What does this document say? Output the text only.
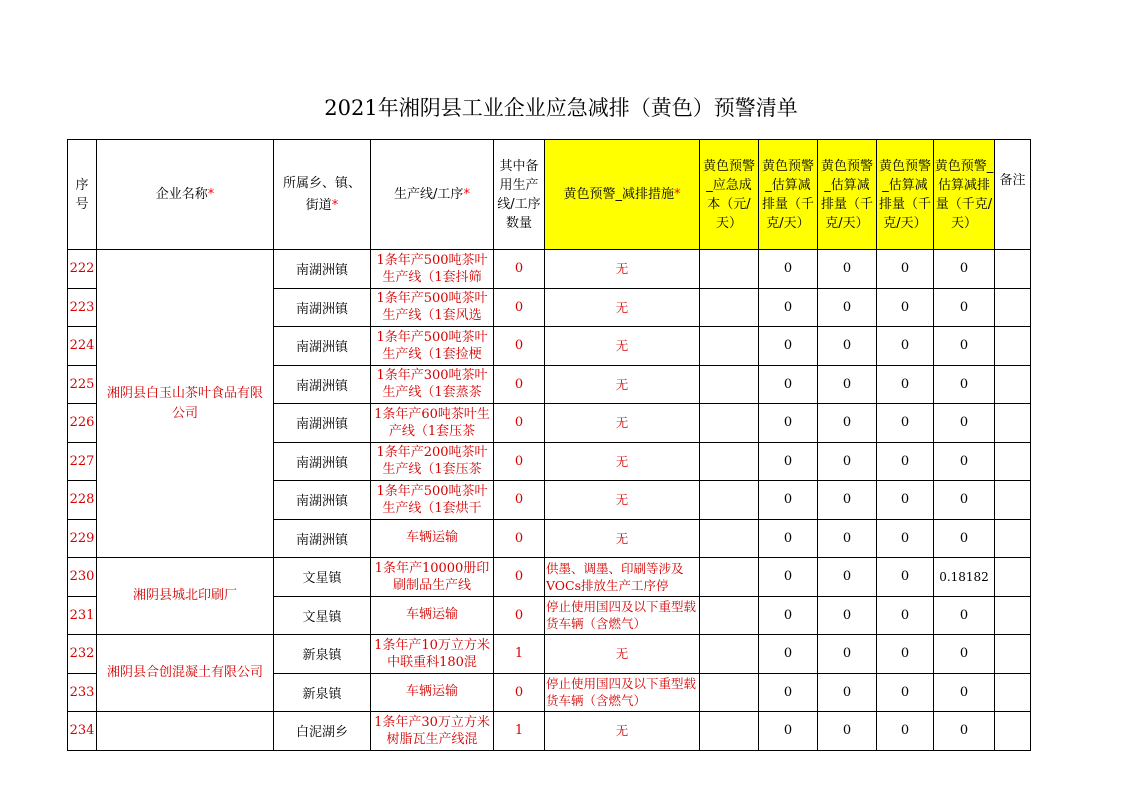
2021年湘阴县工业企业应急减排（黄色）预警清单
序号	企业名称*	所属乡、镇、街道*	生产线/工序*	其中备用生产线/工序数量	黄色预警_减排措施*	黄色预警_应急成本（元/天）	黄色预警_估算减排量（千克/天）	黄色预警_估算减排量（千克/天）	黄色预警_估算减排量（千克/天）	黄色预警_估算减排量（千克/天）	备注
222	湘阴县白玉山茶叶食品有限公司	南湖洲镇	1条年产500吨茶叶生产线（1套抖筛	0	无		0	0	0	0	
223		南湖洲镇	1条年产500吨茶叶生产线（1套风选	0	无		0	0	0	0	
224		南湖洲镇	1条年产500吨茶叶生产线（1套捡梗	0	无		0	0	0	0	
225		南湖洲镇	1条年产300吨茶叶生产线（1套蒸茶	0	无		0	0	0	0	
226		南湖洲镇	1条年产60吨茶叶生产线（1套压茶	0	无		0	0	0	0	
227		南湖洲镇	1条年产200吨茶叶生产线（1套压茶	0	无		0	0	0	0	
228		南湖洲镇	1条年产500吨茶叶生产线（1套烘干	0	无		0	0	0	0	
229		南湖洲镇	车辆运输	0	无		0	0	0	0	
230	湘阴县城北印刷厂	文星镇	1条年产10000册印刷制品生产线	0	供墨、调墨、印刷等涉及VOCs排放生产工序停		0	0	0	0.18182	
231		文星镇	车辆运输	0	停止使用国四及以下重型载货车辆（含燃气）		0	0	0	0	
232	湘阴县合创混凝土有限公司	新泉镇	1条年产10万立方米中联重科180混	1	无		0	0	0	0	
233		新泉镇	车辆运输	0	停止使用国四及以下重型载货车辆（含燃气）		0	0	0	0	
234		白泥湖乡	1条年产30万立方米树脂瓦生产线混	1	无		0	0	0	0	
